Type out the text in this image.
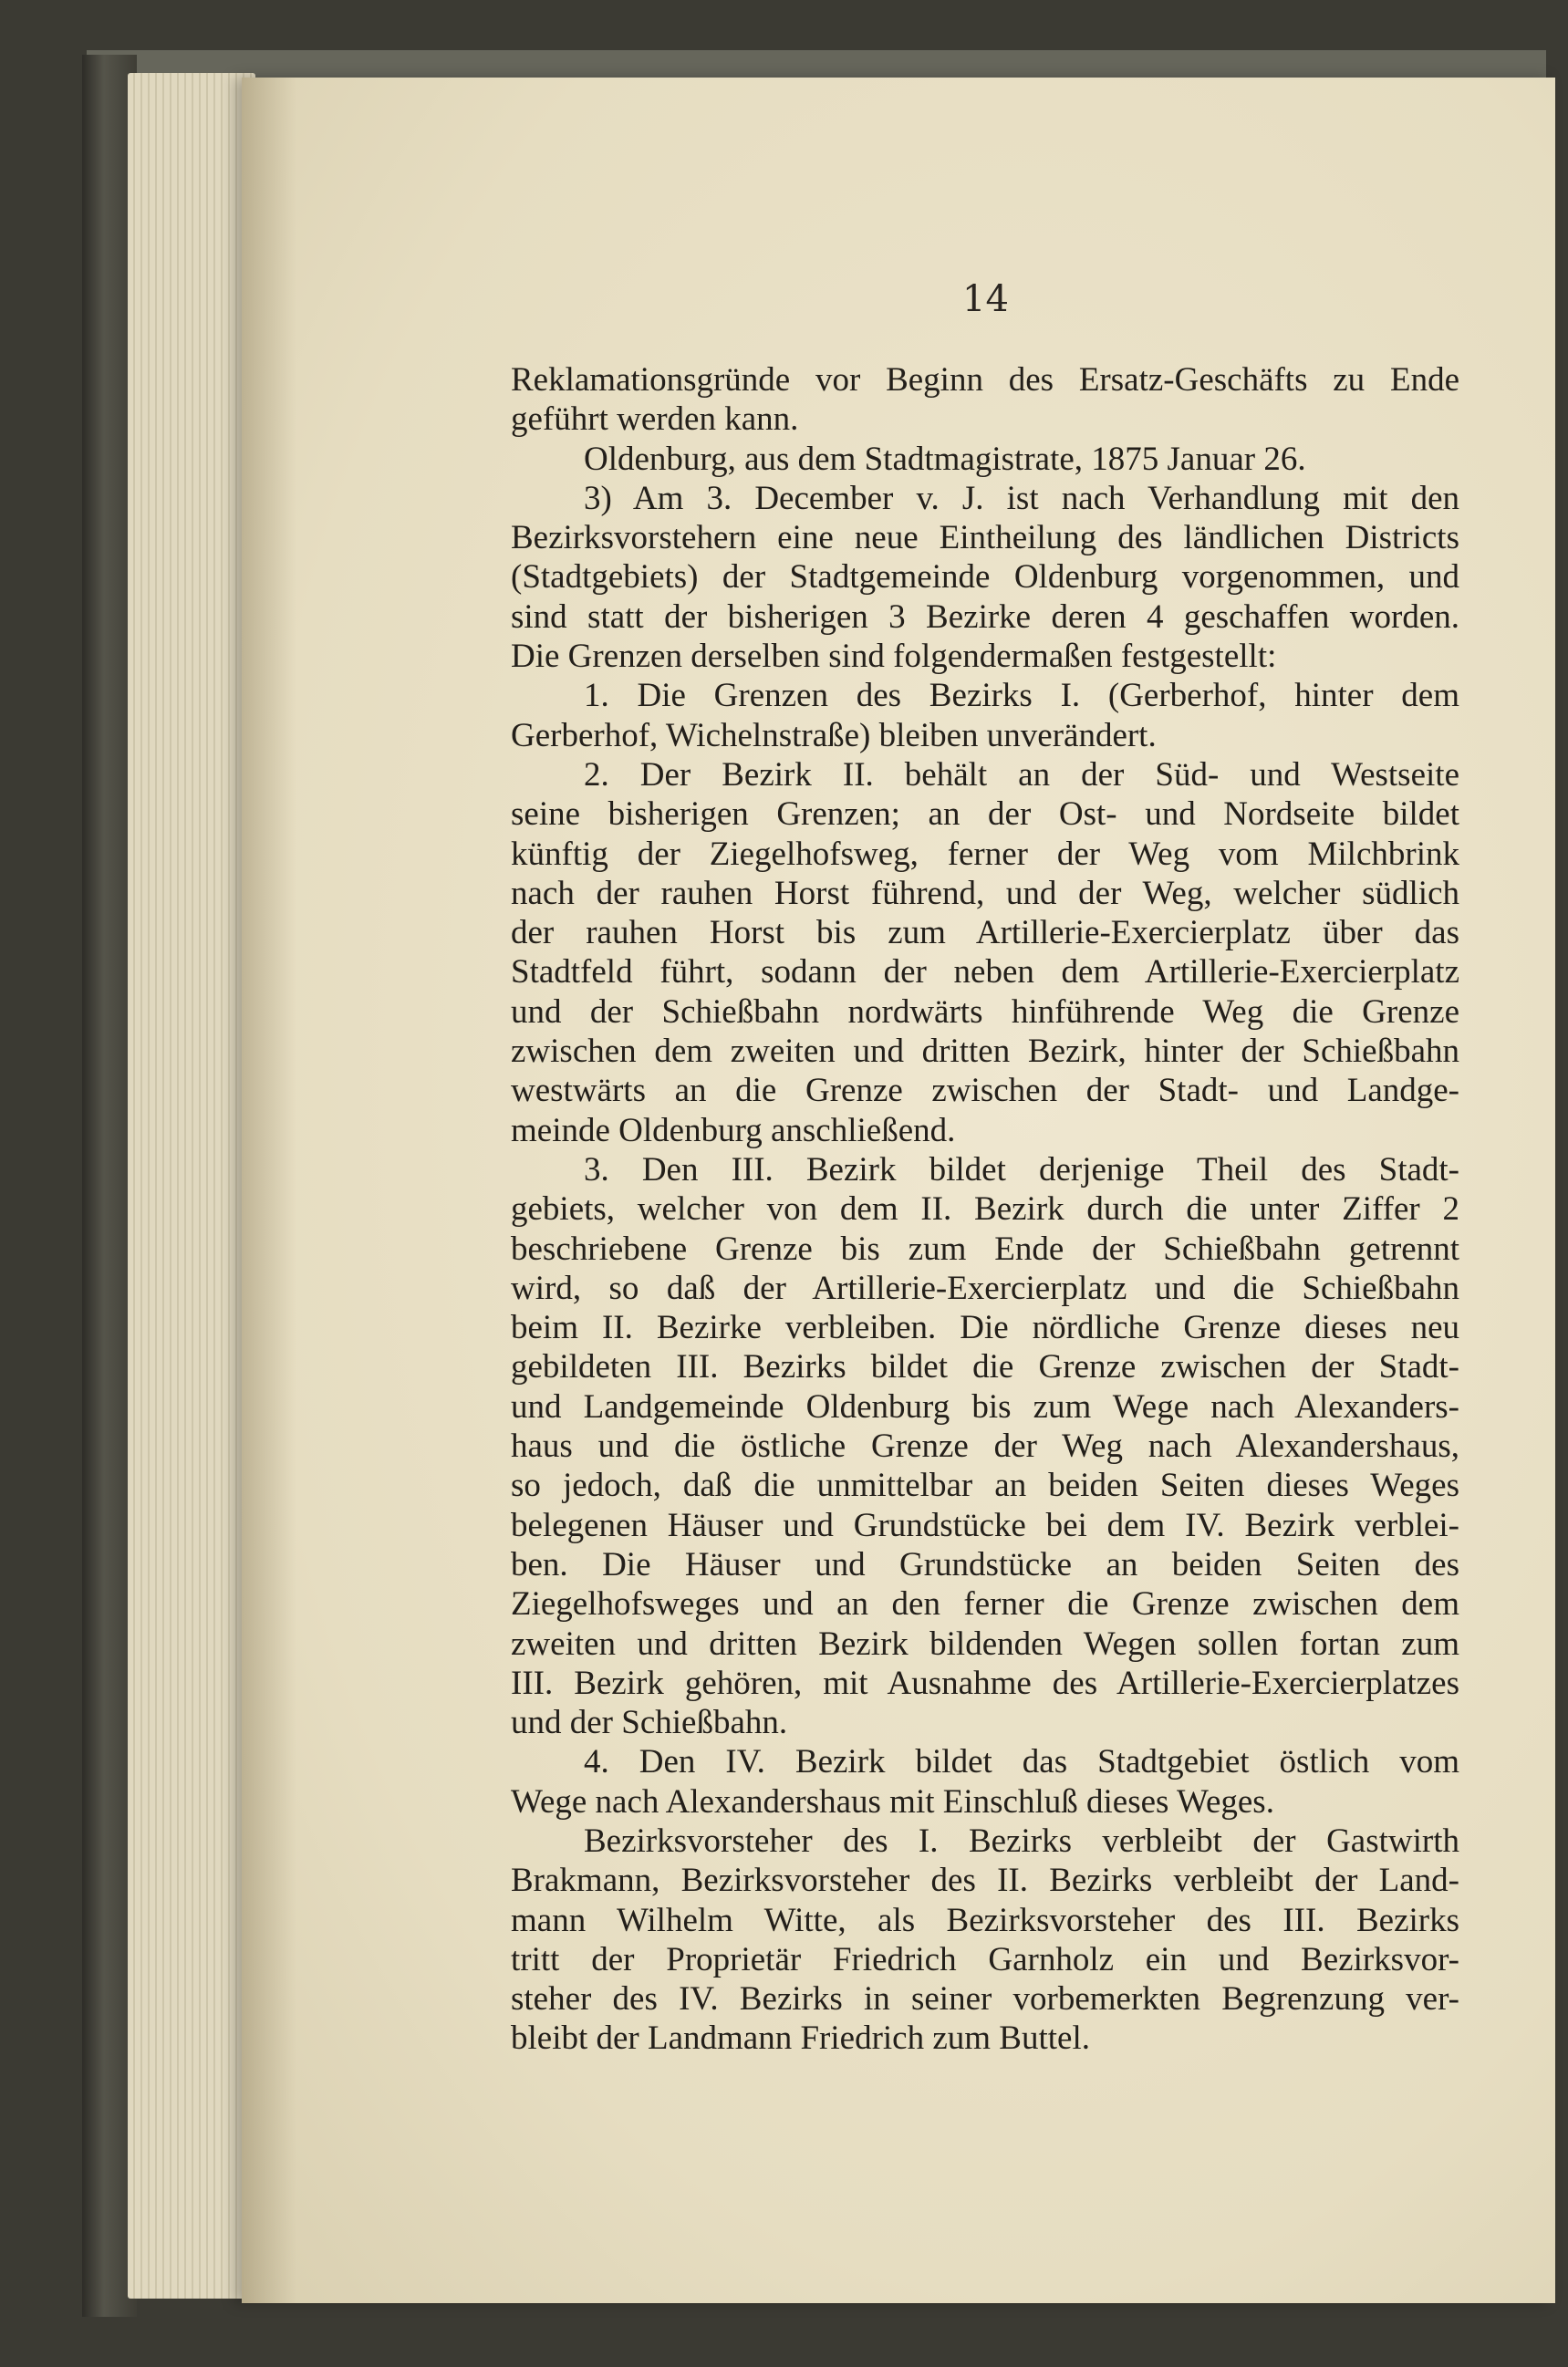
14
Reklamationsgründe vor Beginn des Ersatz-Geschäfts zu Ende
geführt werden kann.
Oldenburg, aus dem Stadtmagistrate, 1875 Januar 26.
3) Am 3. December v. J. ist nach Verhandlung mit den
Bezirksvorstehern eine neue Eintheilung des ländlichen Districts
(Stadtgebiets) der Stadtgemeinde Oldenburg vorgenommen, und
sind statt der bisherigen 3 Bezirke deren 4 geschaffen worden.
Die Grenzen derselben sind folgendermaßen festgestellt:
1. Die Grenzen des Bezirks I. (Gerberhof, hinter dem
Gerberhof, Wichelnstraße) bleiben unverändert.
2. Der Bezirk II. behält an der Süd- und Westseite
seine bisherigen Grenzen; an der Ost- und Nordseite bildet
künftig der Ziegelhofsweg, ferner der Weg vom Milchbrink
nach der rauhen Horst führend, und der Weg, welcher südlich
der rauhen Horst bis zum Artillerie-Exercierplatz über das
Stadtfeld führt, sodann der neben dem Artillerie-Exercierplatz
und der Schießbahn nordwärts hinführende Weg die Grenze
zwischen dem zweiten und dritten Bezirk, hinter der Schießbahn
westwärts an die Grenze zwischen der Stadt- und Landge-
meinde Oldenburg anschließend.
3. Den III. Bezirk bildet derjenige Theil des Stadt-
gebiets, welcher von dem II. Bezirk durch die unter Ziffer 2
beschriebene Grenze bis zum Ende der Schießbahn getrennt
wird, so daß der Artillerie-Exercierplatz und die Schießbahn
beim II. Bezirke verbleiben. Die nördliche Grenze dieses neu
gebildeten III. Bezirks bildet die Grenze zwischen der Stadt-
und Landgemeinde Oldenburg bis zum Wege nach Alexanders-
haus und die östliche Grenze der Weg nach Alexandershaus,
so jedoch, daß die unmittelbar an beiden Seiten dieses Weges
belegenen Häuser und Grundstücke bei dem IV. Bezirk verblei-
ben. Die Häuser und Grundstücke an beiden Seiten des
Ziegelhofsweges und an den ferner die Grenze zwischen dem
zweiten und dritten Bezirk bildenden Wegen sollen fortan zum
III. Bezirk gehören, mit Ausnahme des Artillerie-Exercierplatzes
und der Schießbahn.
4. Den IV. Bezirk bildet das Stadtgebiet östlich vom
Wege nach Alexandershaus mit Einschluß dieses Weges.
Bezirksvorsteher des I. Bezirks verbleibt der Gastwirth
Brakmann, Bezirksvorsteher des II. Bezirks verbleibt der Land-
mann Wilhelm Witte, als Bezirksvorsteher des III. Bezirks
tritt der Proprietär Friedrich Garnholz ein und Bezirksvor-
steher des IV. Bezirks in seiner vorbemerkten Begrenzung ver-
bleibt der Landmann Friedrich zum Buttel.
